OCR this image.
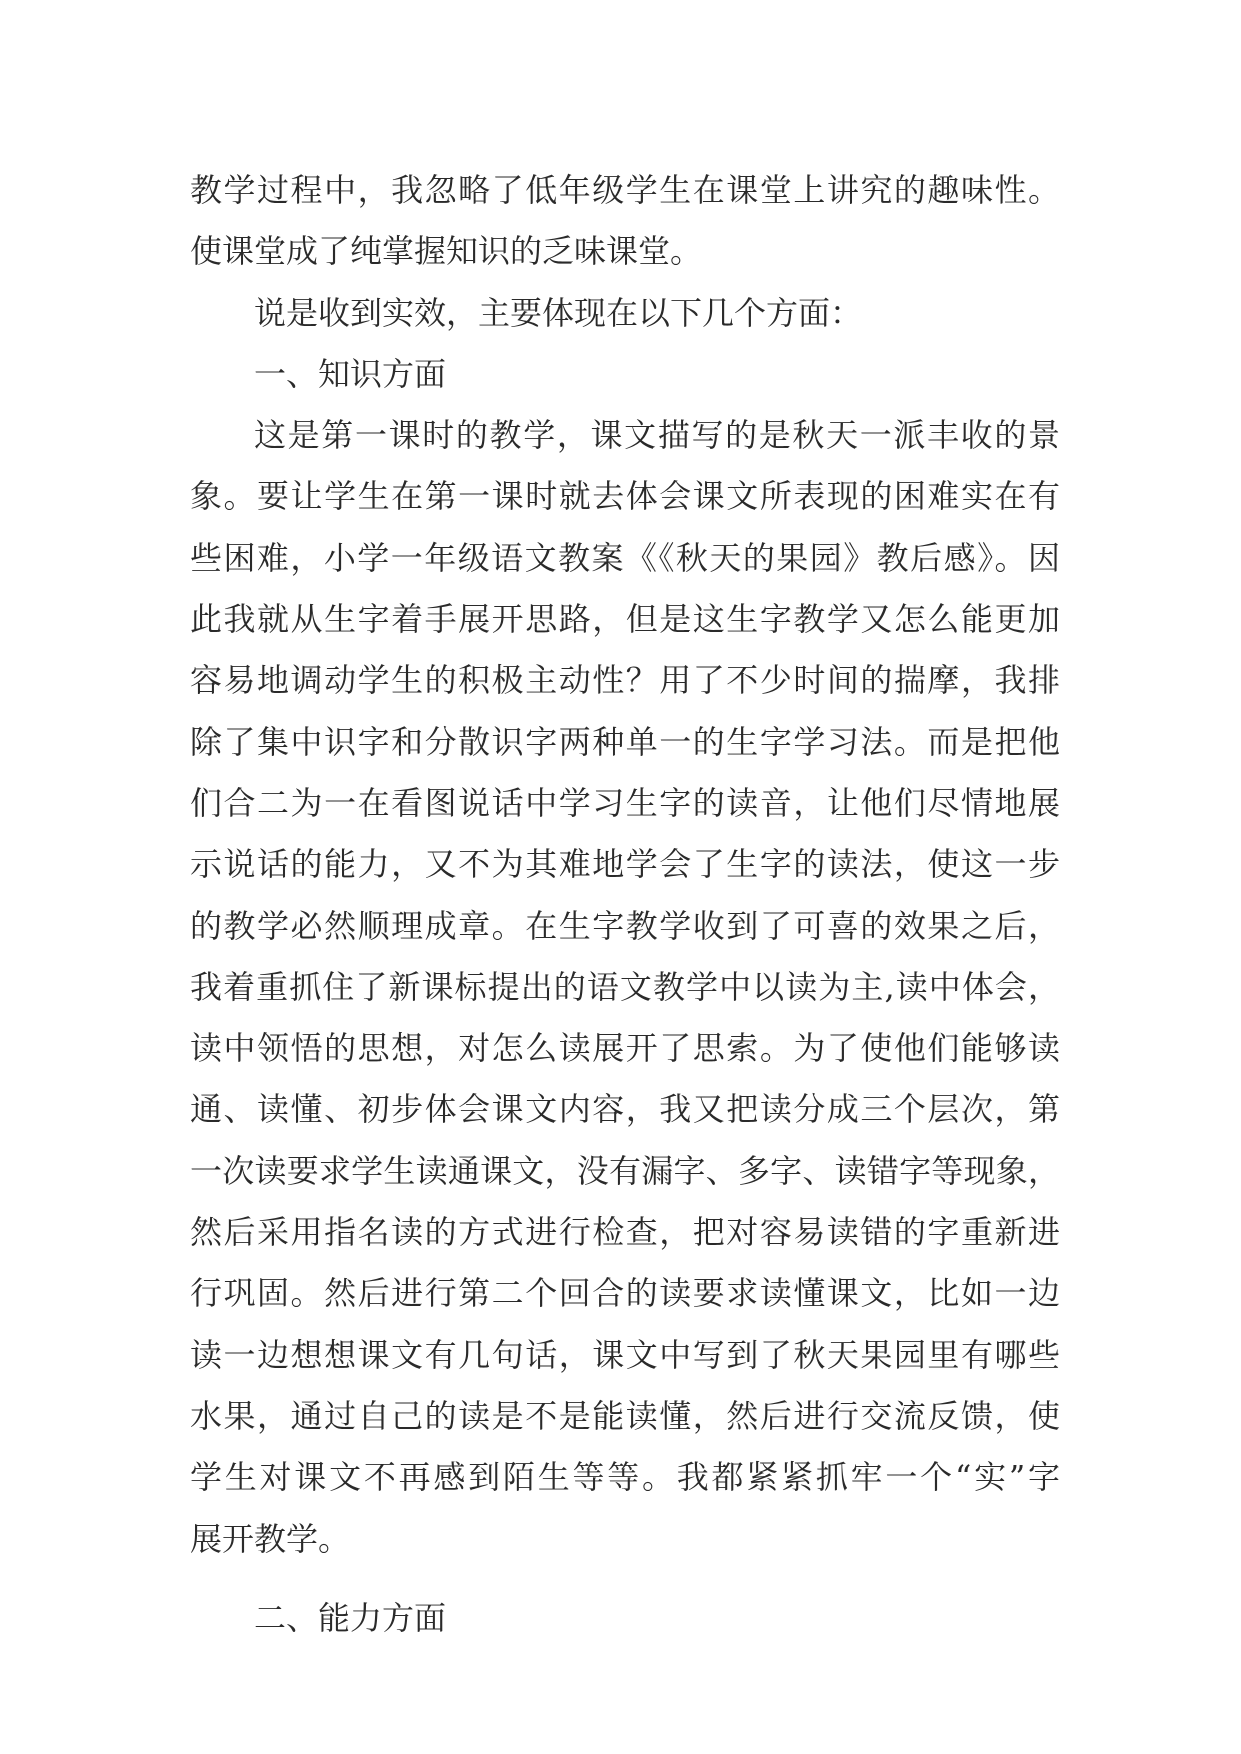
教学过程中，我忽略了低年级学生在课堂上讲究的趣味性。
使课堂成了纯掌握知识的乏味课堂。
说是收到实效，主要体现在以下几个方面：
一、知识方面
这是第一课时的教学，课文描写的是秋天一派丰收的景
象。要让学生在第一课时就去体会课文所表现的困难实在有
些困难，小学一年级语文教案《《秋天的果园》教后感》。因
此我就从生字着手展开思路，但是这生字教学又怎么能更加
容易地调动学生的积极主动性？用了不少时间的揣摩，我排
除了集中识字和分散识字两种单一的生字学习法。而是把他
们合二为一在看图说话中学习生字的读音，让他们尽情地展
示说话的能力，又不为其难地学会了生字的读法，使这一步
的教学必然顺理成章。在生字教学收到了可喜的效果之后，
我着重抓住了新课标提出的语文教学中以读为主,读中体会，
读中领悟的思想，对怎么读展开了思索。为了使他们能够读
通、读懂、初步体会课文内容，我又把读分成三个层次，第
一次读要求学生读通课文，没有漏字、多字、读错字等现象，
然后采用指名读的方式进行检查，把对容易读错的字重新进
行巩固。然后进行第二个回合的读要求读懂课文，比如一边
读一边想想课文有几句话，课文中写到了秋天果园里有哪些
水果，通过自己的读是不是能读懂，然后进行交流反馈，使
学生对课文不再感到陌生等等。我都紧紧抓牢一个“实”字
展开教学。
二、能力方面
